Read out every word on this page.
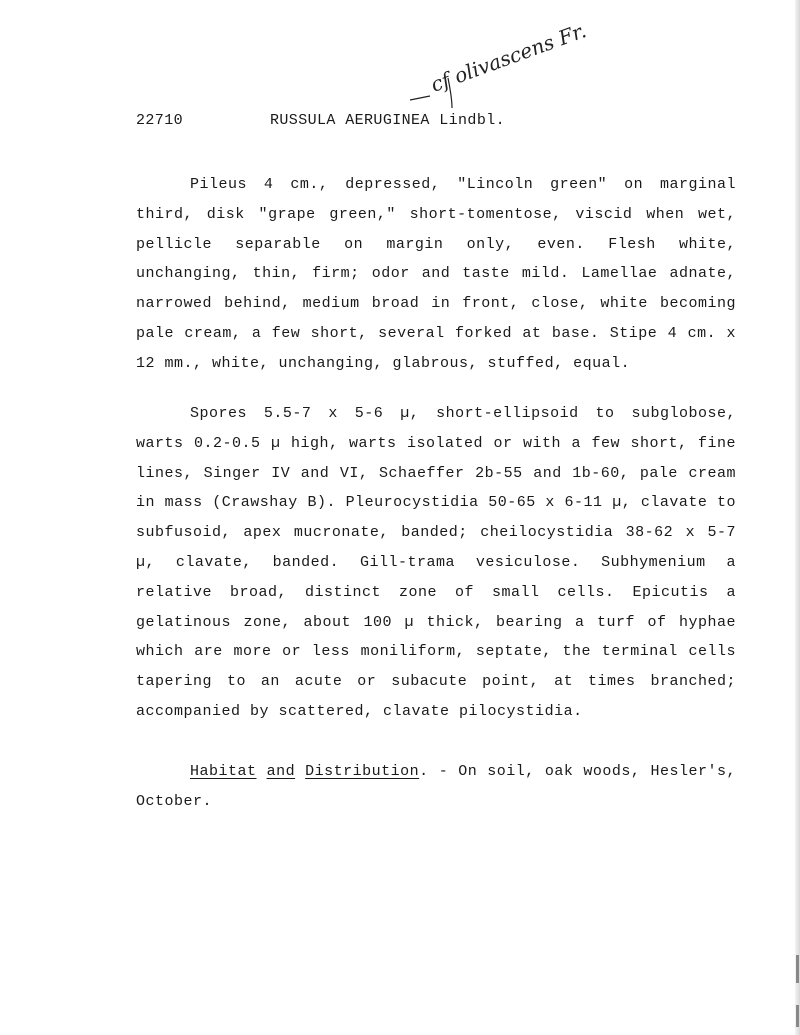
cf olivascens Fr.
22710	RUSSULA AERUGINEA Lindbl.

Pileus 4 cm., depressed, "Lincoln green" on marginal third, disk "grape green," short-tomentose, viscid when wet, pellicle separable on margin only, even. Flesh white, unchanging, thin, firm; odor and taste mild. Lamellae adnate, narrowed behind, medium broad in front, close, white becoming pale cream, a few short, several forked at base. Stipe 4 cm. x 12 mm., white, unchanging, glabrous, stuffed, equal.

Spores 5.5-7 x 5-6 µ, short-ellipsoid to subglobose, warts 0.2-0.5 µ high, warts isolated or with a few short, fine lines, Singer IV and VI, Schaeffer 2b-55 and 1b-60, pale cream in mass (Crawshay B). Pleurocystidia 50-65 x 6-11 µ, clavate to subfusoid, apex mucronate, banded; cheilocystidia 38-62 x 5-7 µ, clavate, banded. Gill-trama vesiculose. Subhymenium a relative broad, distinct zone of small cells. Epicutis a gelatinous zone, about 100 µ thick, bearing a turf of hyphae which are more or less moniliform, septate, the terminal cells tapering to an acute or subacute point, at times branched; accompanied by scattered, clavate pilocystidia.

Habitat and Distribution. - On soil, oak woods, Hesler's, October.
